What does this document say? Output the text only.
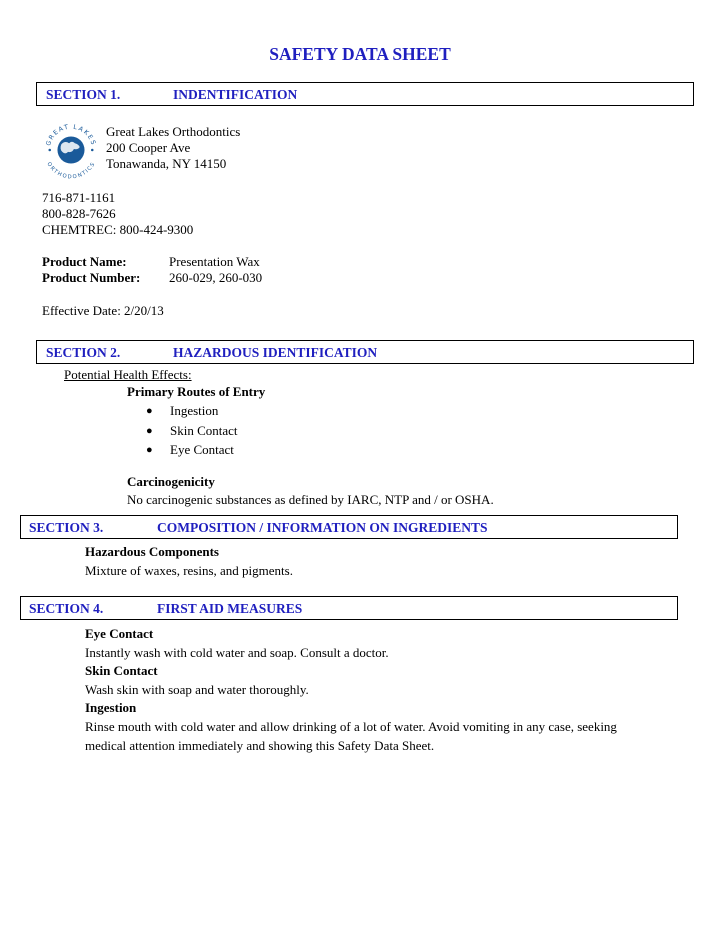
SAFETY DATA SHEET
SECTION 1.	INDENTIFICATION
GREAT LAKES
ORTHODONTICS
Great Lakes Orthodontics
200 Cooper Ave
Tonawanda, NY 14150
716-871-1161
800-828-7626
CHEMTREC: 800-424-9300
Product Name:	Presentation Wax
Product Number: 260-029, 260-030
Effective Date: 2/20/13
SECTION 2.	HAZARDOUS IDENTIFICATION
Potential Health Effects:
Primary Routes of Entry
● Ingestion
● Skin Contact
● Eye Contact
Carcinogenicity
No carcinogenic substances as defined by IARC, NTP and / or OSHA.
SECTION 3.	COMPOSITION / INFORMATION ON INGREDIENTS
Hazardous Components
Mixture of waxes, resins, and pigments.
SECTION 4.	FIRST AID MEASURES
Eye Contact
Instantly wash with cold water and soap. Consult a doctor.
Skin Contact
Wash skin with soap and water thoroughly.
Ingestion
Rinse mouth with cold water and allow drinking of a lot of water. Avoid vomiting in any case, seeking
medical attention immediately and showing this Safety Data Sheet.
